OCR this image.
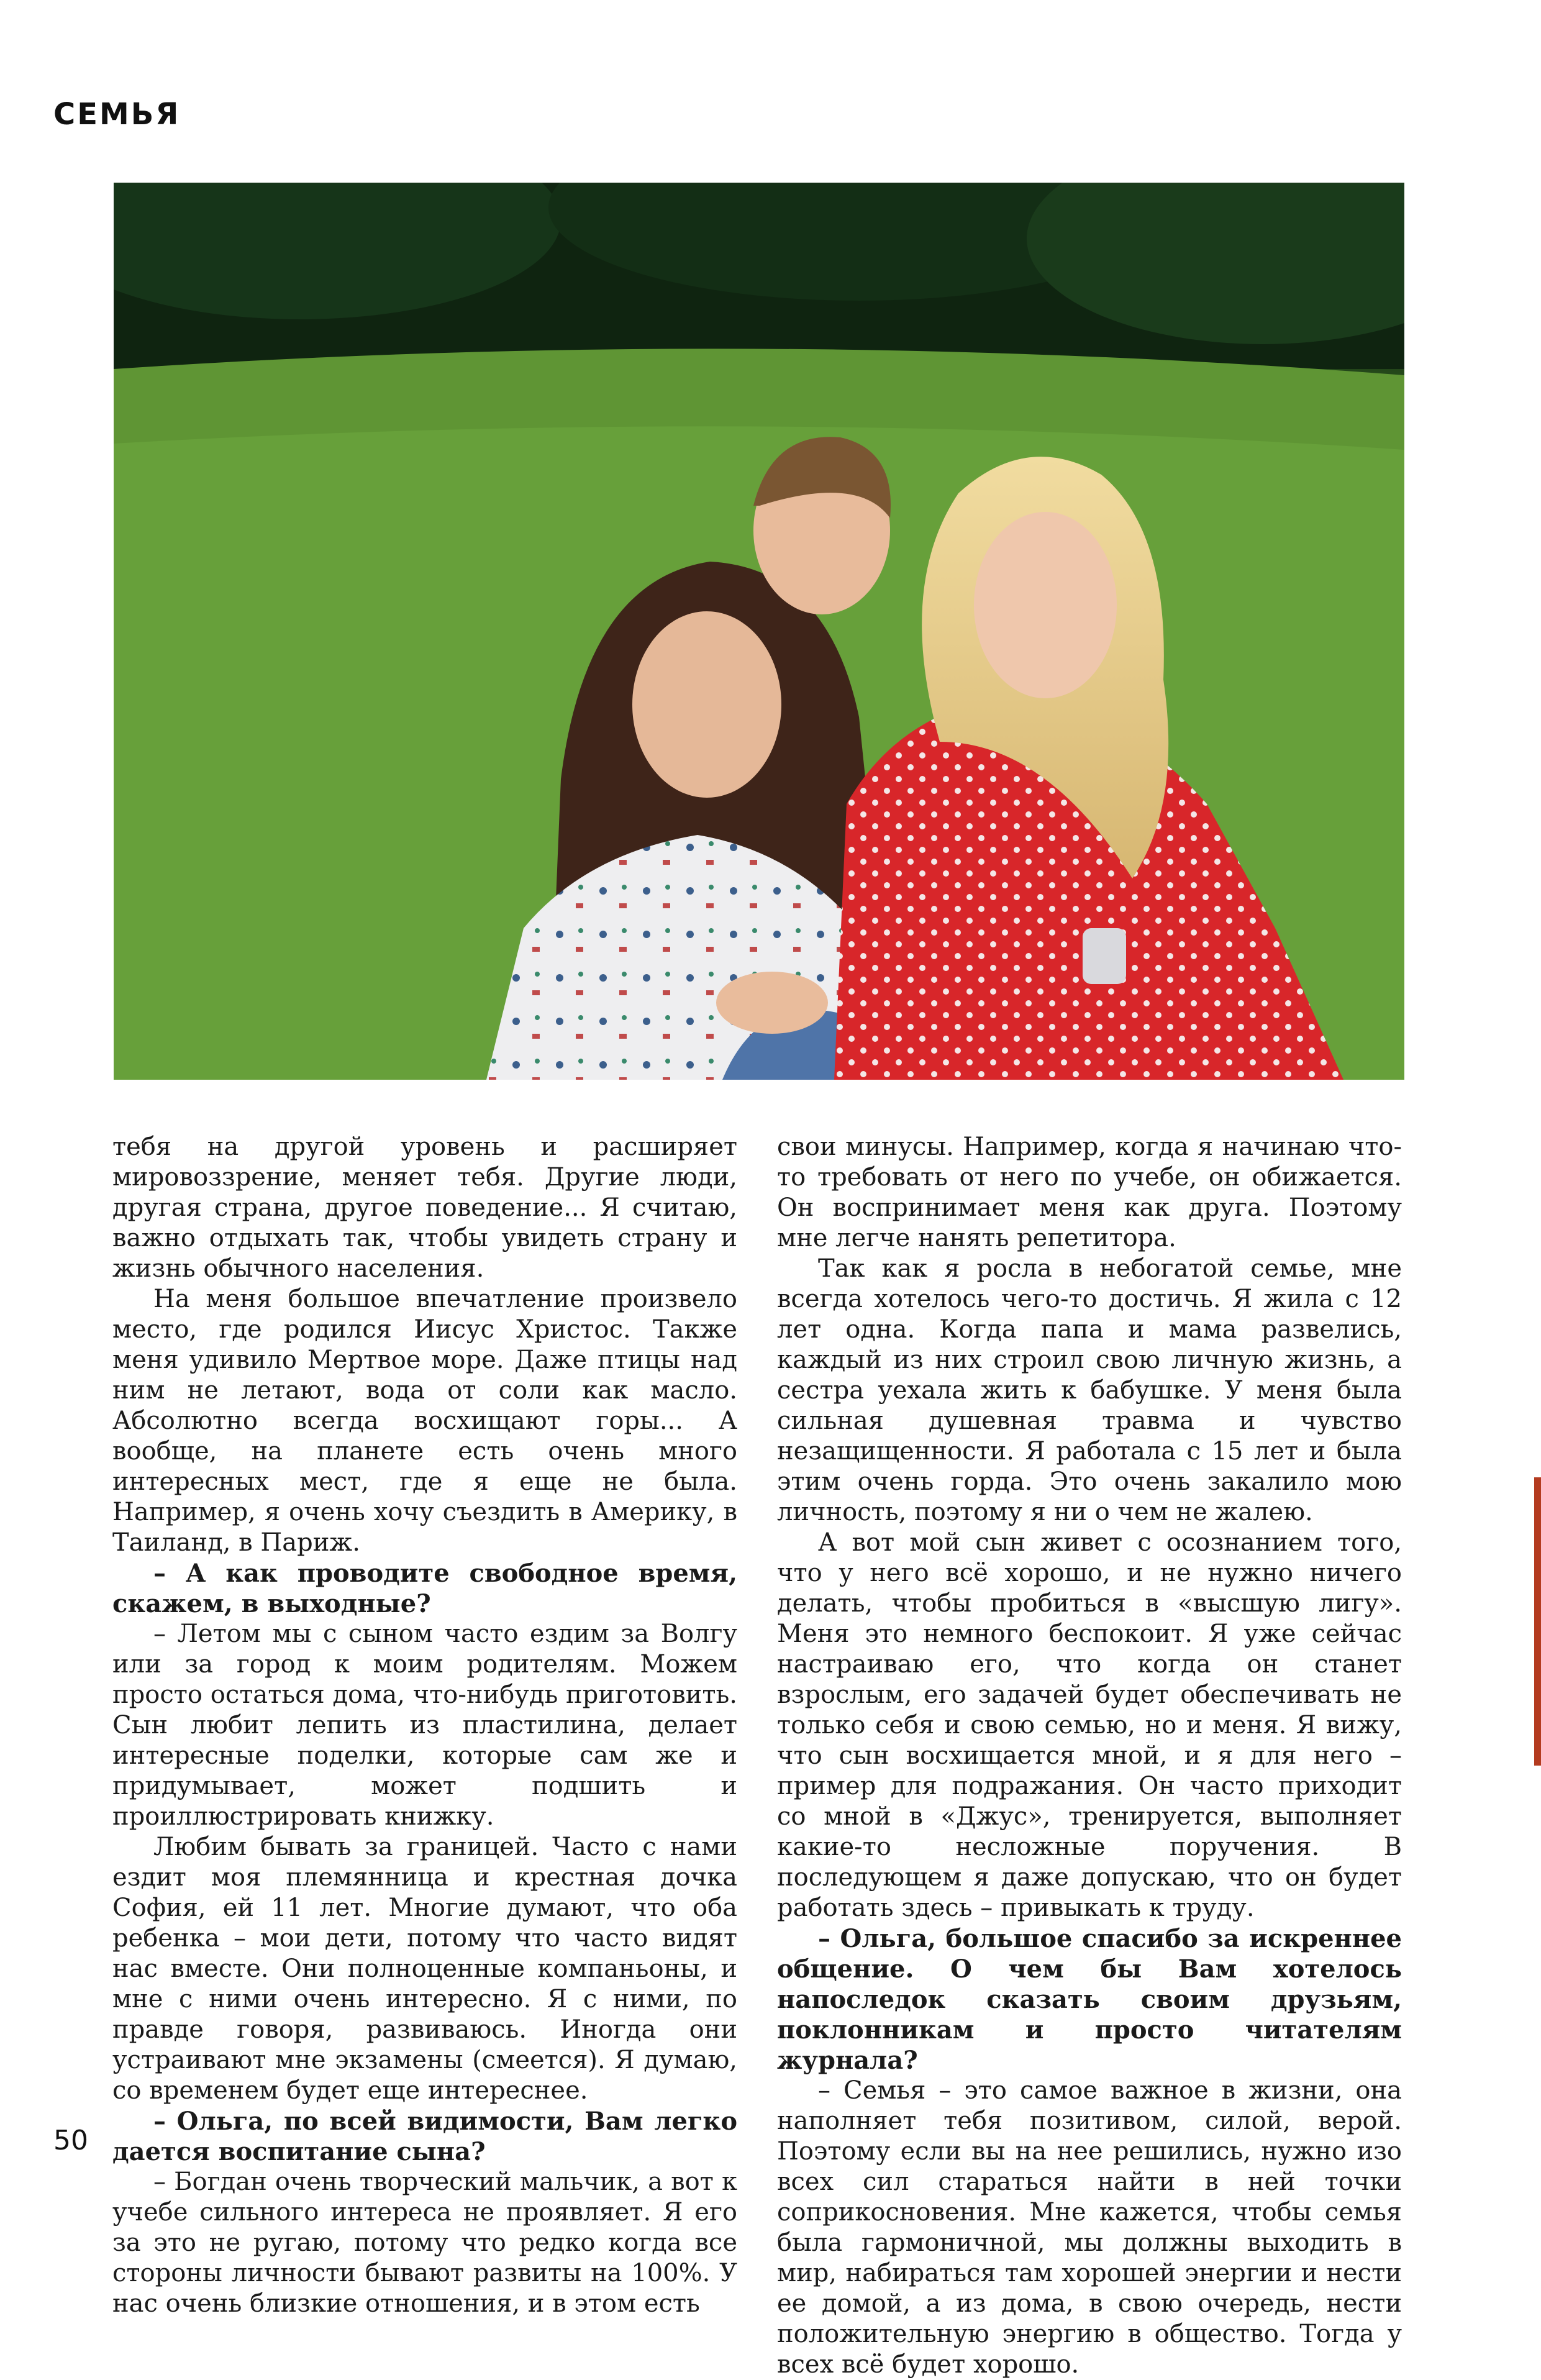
СЕМЬЯ

тебя на другой уровень и расширяет мировоззрение, меняет тебя. Другие люди, другая страна, другое поведение... Я считаю, важно отдыхать так, чтобы увидеть страну и жизнь обычного населения.

На меня большое впечатление произвело место, где родился Иисус Христос. Также меня удивило Мертвое море. Даже птицы над ним не летают, вода от соли как масло. Абсолютно всегда восхищают горы... А вообще, на планете есть очень много интересных мест, где я еще не была. Например, я очень хочу съездить в Америку, в Таиланд, в Париж.

– А как проводите свободное время, скажем, в выходные?

– Летом мы с сыном часто ездим за Волгу или за город к моим родителям. Можем просто остаться дома, что-нибудь приготовить. Сын любит лепить из пластилина, делает интересные поделки, которые сам же и придумывает, может подшить и проиллюстрировать книжку.

Любим бывать за границей. Часто с нами ездит моя племянница и крестная дочка София, ей 11 лет. Многие думают, что оба ребенка – мои дети, потому что часто видят нас вместе. Они полноценные компаньоны, и мне с ними очень интересно. Я с ними, по правде говоря, развиваюсь. Иногда они устраивают мне экзамены (смеется). Я думаю, со временем будет еще интереснее.

– Ольга, по всей видимости, Вам легко дается воспитание сына?

– Богдан очень творческий мальчик, а вот к учебе сильного интереса не проявляет. Я его за это не ругаю, потому что редко когда все стороны личности бывают развиты на 100%. У нас очень близкие отношения, и в этом есть

свои минусы. Например, когда я начинаю что-то требовать от него по учебе, он обижается. Он воспринимает меня как друга. Поэтому мне легче нанять репетитора.

Так как я росла в небогатой семье, мне всегда хотелось чего-то достичь. Я жила с 12 лет одна. Когда папа и мама развелись, каждый из них строил свою личную жизнь, а сестра уехала жить к бабушке. У меня была сильная душевная травма и чувство незащищенности. Я работала с 15 лет и была этим очень горда. Это очень закалило мою личность, поэтому я ни о чем не жалею.

А вот мой сын живет с осознанием того, что у него всё хорошо, и не нужно ничего делать, чтобы пробиться в «высшую лигу». Меня это немного беспокоит. Я уже сейчас настраиваю его, что когда он станет взрослым, его задачей будет обеспечивать не только себя и свою семью, но и меня. Я вижу, что сын восхищается мной, и я для него – пример для подражания. Он часто приходит со мной в «Джус», тренируется, выполняет какие-то несложные поручения. В последующем я даже допускаю, что он будет работать здесь – привыкать к труду.

– Ольга, большое спасибо за искреннее общение. О чем бы Вам хотелось напоследок сказать своим друзьям, поклонникам и просто читателям журнала?

– Семья – это самое важное в жизни, она наполняет тебя позитивом, силой, верой. Поэтому если вы на нее решились, нужно изо всех сил стараться найти в ней точки соприкосновения. Мне кажется, чтобы семья была гармоничной, мы должны выходить в мир, набираться там хорошей энергии и нести ее домой, а из дома, в свою очередь, нести положительную энергию в общество. Тогда у всех всё будет хорошо.

50
